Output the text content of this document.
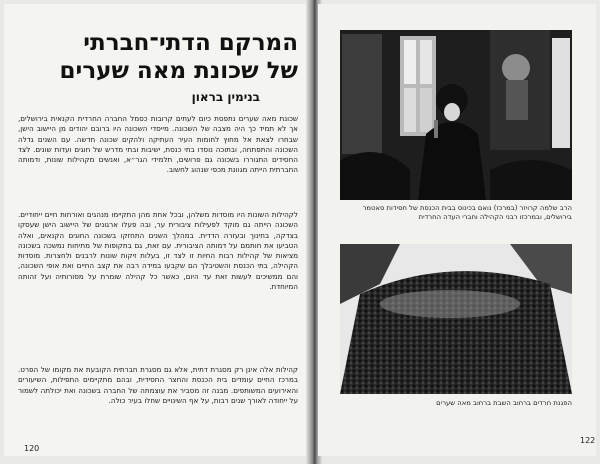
המרקם הדתי־חברתי
של שכונת מאה שערים
בנימין בראון
שכונת מאה שערים נתפסת כיום לעתים קרובות כסמל החברה החרדית הקנאית בירושלים, אך לא תמיד כך היה מצבה של השכונה. מייסדי השכונה היו ברובם יהודים מן היישוב הישן, שבחרו לצאת אל מחוץ לחומות העיר העתיקה ולהקים שכונה חדשה. עם השנים גדלה השכונה והתפתחה, ובתוכה נוסדו בתי כנסת, ישיבות ובתי מדרש של חוגים ועדות שונים. לצד החסידים התגוררו בשכונה גם פרושים, תלמידי הגר״א, ואנשים מקהילות שונות, ודמותה החברתית הייתה מגוונת מכפי שנהוג לחשוב.
לקהילות השונות היו מוסדות משלהן, ובכל אחת מהן התקיימו מנהגים ואורחות חיים ייחודיים. השכונה הייתה גם מוקד לפעילות ציבורית ער, ובה פעלו ארגונים של היישוב הישן שעסקו בצדקה, בחינוך ובעזרה הדדית. במהלך השנים התחזקו בשכונה החוגים הקנאים, ואלה הטביעו את חותמם על דמותה הציבורית. עם זאת, גם בתקופות של מתיחות נמשכה בשכונה מציאות של קהילות רבות החיות זו לצד זו, בעלות זיקות שונות לרבנים ולחצרות. מוסדות הקהילה, בתי הכנסת והשטיבלך הם שקבעו במידה רבה את קצב החיים ואת אופי השכונה, והם ממשיכים לעשות זאת עד היום, כאשר כל קהילה שומרת על מסורותיה ועל זהותה המיוחדת.
קהילות אלה אינן רק מסגרת דתית, אלא גם מסגרת חברתית הקובעת את מקומו של הפרט. במרכז החיים עומדים בית הכנסת והחצר החסידית, ובהם מתקיימים התפילות, השיעורים והאירועים המשותפים. מבנה זה מסביר את עוצמתה של החברה בשכונה ואת יכולתה לשמור על ייחודה לאורך שנים רבות, על אף השינויים שחלו בעיר כולה.
120
הרב שלמה קרויזר (במרכז) נואם בכינוס בבית הכנסת של חסידות סאטמר בירושלים, ובמרכזו רבני הקהילה וחברי העדה החרדית
הפגנת חרדים ברחוב השבת ברחוב מאה שערים
122
